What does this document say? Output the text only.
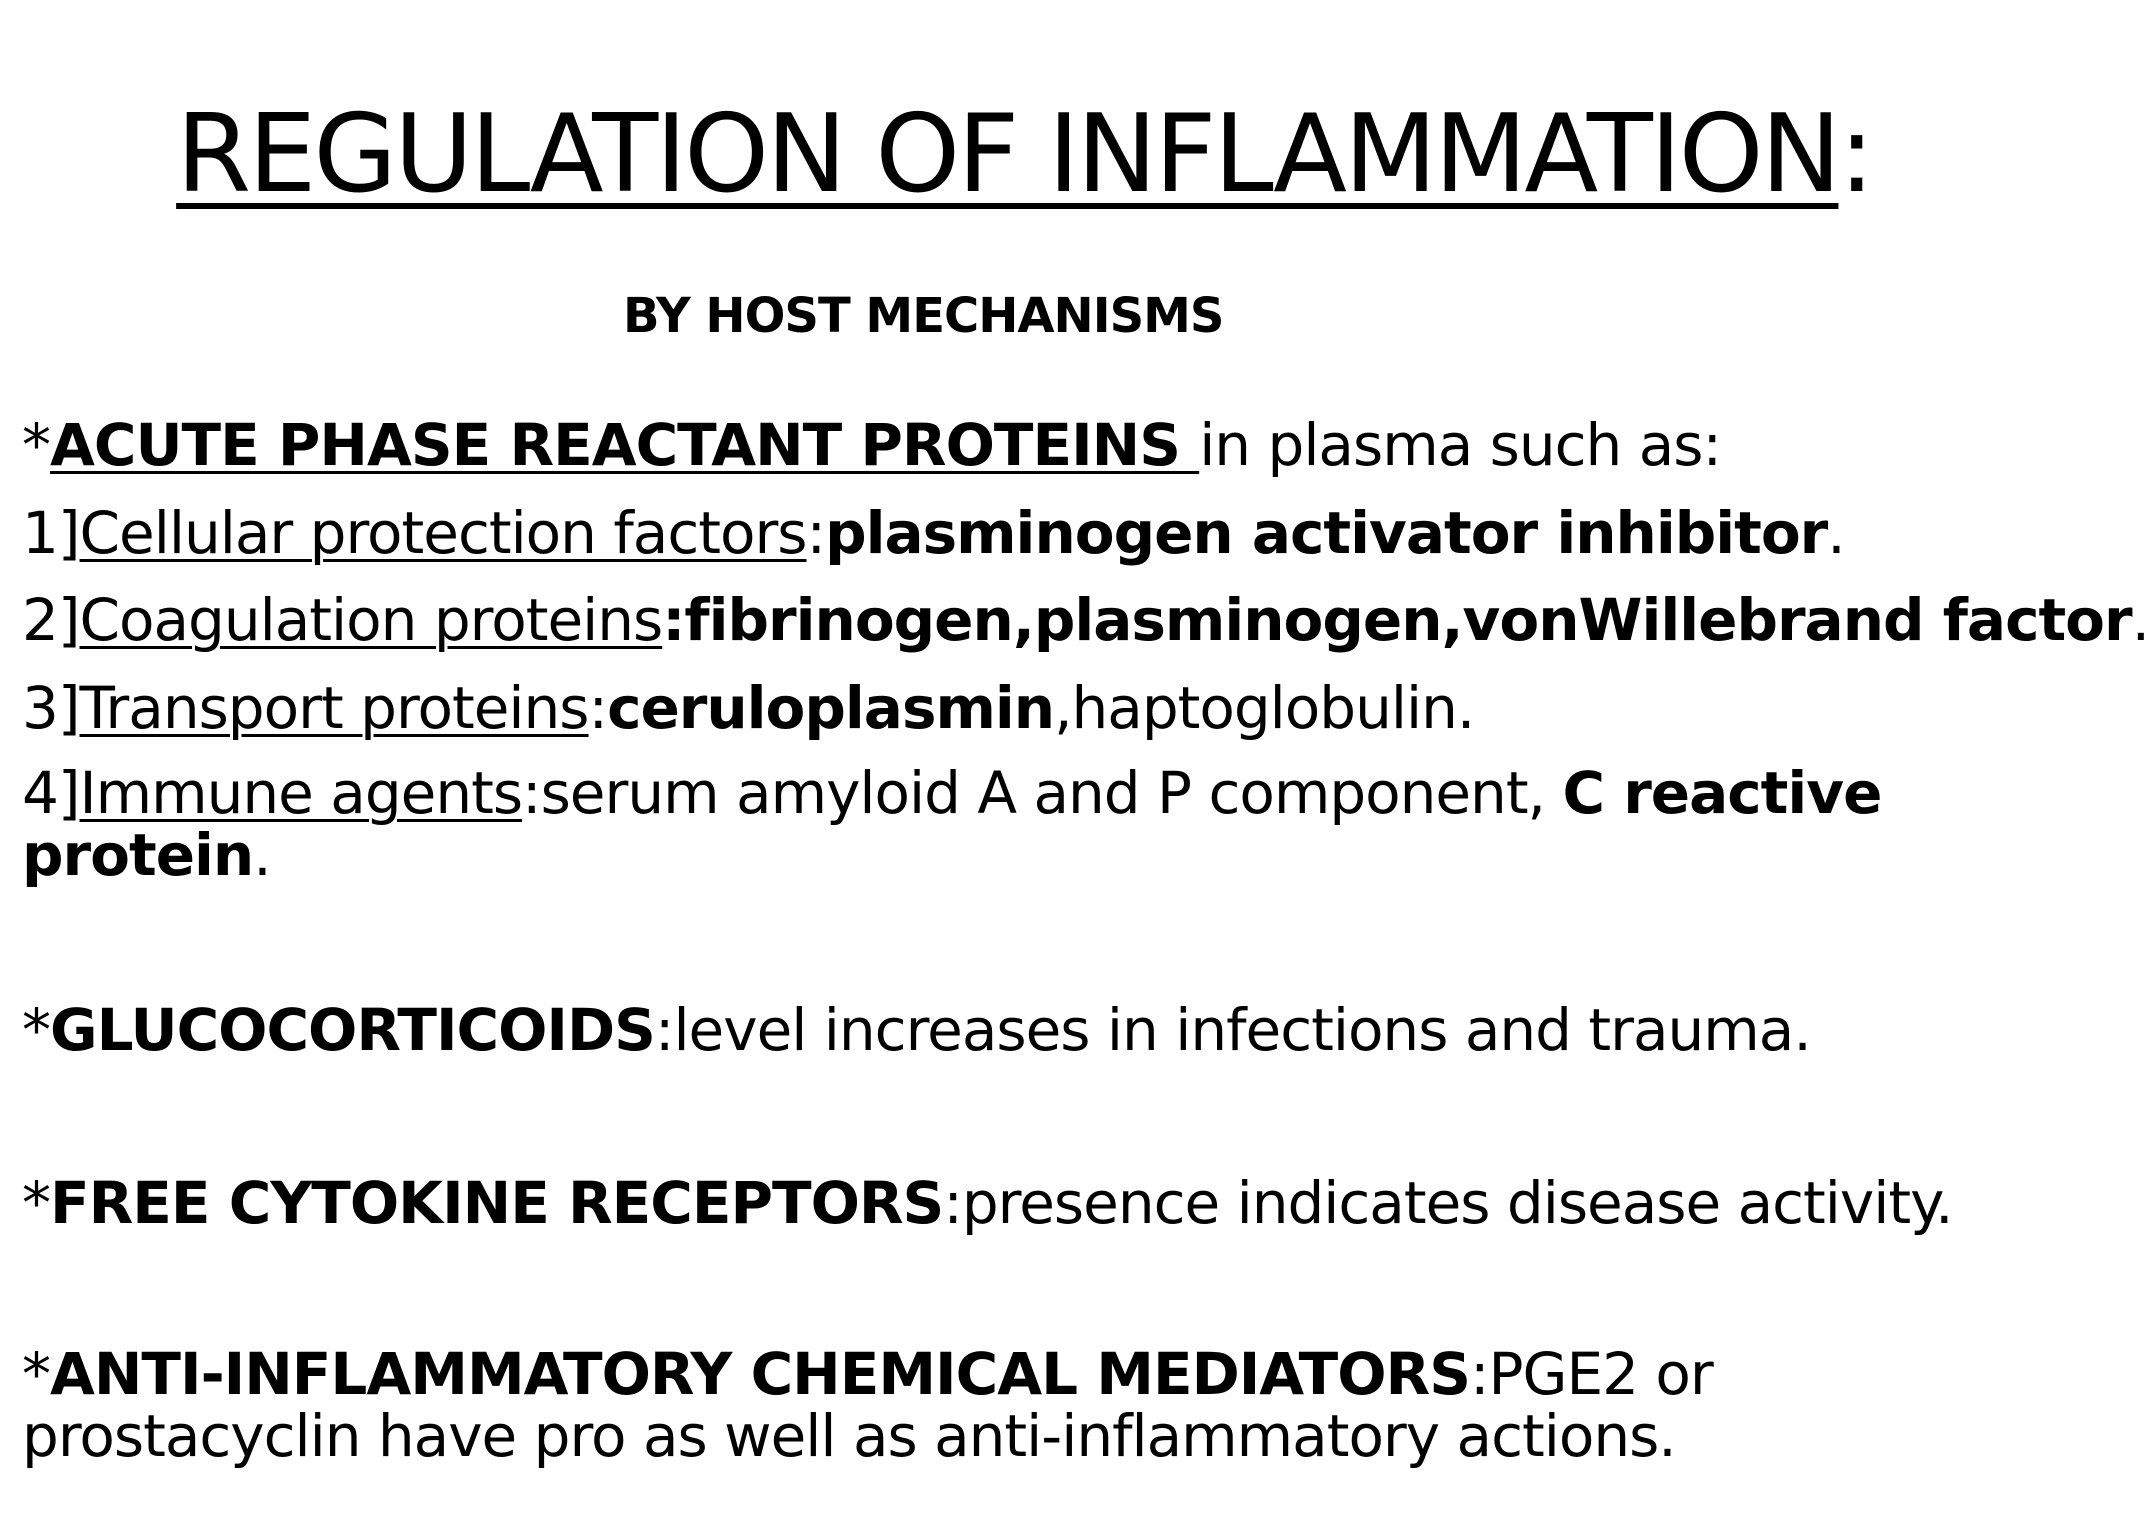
REGULATION OF INFLAMMATION:
BY HOST MECHANISMS
*ACUTE PHASE REACTANT PROTEINS in plasma such as:
1]Cellular protection factors:plasminogen activator inhibitor.
2]Coagulation proteins:fibrinogen,plasminogen,vonWillebrand factor.
3]Transport proteins:ceruloplasmin,haptoglobulin.
4]Immune agents:serum amyloid A and P component, C reactive protein.
*GLUCOCORTICOIDS:level increases in infections and trauma.
*FREE CYTOKINE RECEPTORS:presence indicates disease activity.
*ANTI-INFLAMMATORY CHEMICAL MEDIATORS:PGE2 or prostacyclin have pro as well as anti-inflammatory actions.
